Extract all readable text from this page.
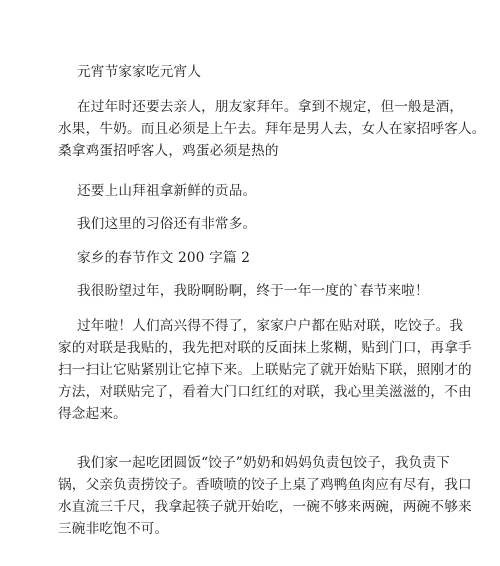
元宵节家家吃元宵人

在过年时还要去亲人，朋友家拜年。拿到不规定，但一般是酒，
水果，牛奶。而且必须是上午去。拜年是男人去，女人在家招呼客人。
桑拿鸡蛋招呼客人，鸡蛋必须是热的

还要上山拜祖拿新鲜的贡品。

我们这里的习俗还有非常多。

家乡的春节作文 200 字篇 2

我很盼望过年，我盼啊盼啊，终于一年一度的`春节来啦！

过年啦！人们高兴得不得了，家家户户都在贴对联，吃饺子。我
家的对联是我贴的，我先把对联的反面抹上浆糊，贴到门口，再拿手
扫一扫让它贴紧别让它掉下来。上联贴完了就开始贴下联，照刚才的
方法，对联贴完了，看着大门口红红的对联，我心里美滋滋的，不由
得念起来。

我们家一起吃团圆饭“饺子”奶奶和妈妈负责包饺子，我负责下
锅，父亲负责捞饺子。香喷喷的饺子上桌了鸡鸭鱼肉应有尽有，我口
水直流三千尺，我拿起筷子就开始吃，一碗不够来两碗，两碗不够来
三碗非吃饱不可。
